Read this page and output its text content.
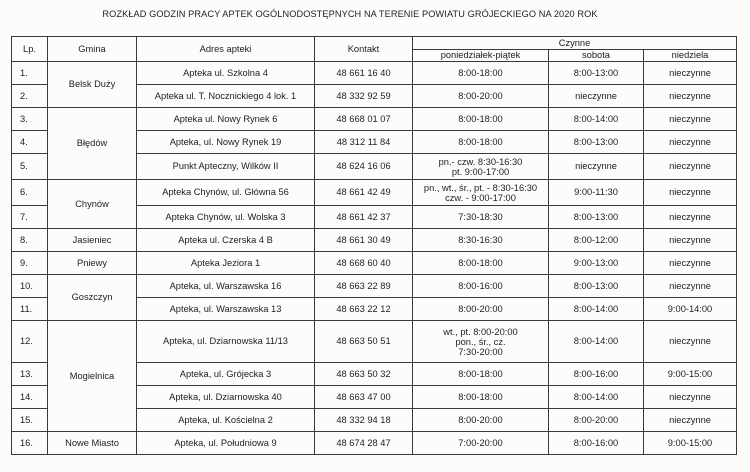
ROZKŁAD GODZIN PRACY APTEK OGÓLNODOSTĘPNYCH NA TERENIE POWIATU GRÓJECKIEGO NA 2020 ROK
Lp.	Gmina	Adres apteki	Kontakt	Czynne		
				poniedziałek-piątek	sobota	niedziela
1.	Belsk Duży	Apteka ul. Szkolna 4	48 661 16 40	8:00-18:00	8:00-13:00	nieczynne
2.		Apteka ul. T. Nocznickiego 4 lok. 1	48 332 92 59	8:00-20:00	nieczynne	nieczynne
3.	Błędów	Apteka ul. Nowy Rynek 6	48 668 01 07	8:00-18:00	8:00-14:00	nieczynne
4.		Apteka, ul. Nowy Rynek 19	48 312 11 84	8:00-18:00	8:00-13:00	nieczynne
5.		Punkt Apteczny, Wilków II	48 624 16 06	pn.- czw. 8:30-16:30
pt. 9:00-17:00	nieczynne	nieczynne
6.	Chynów	Apteka Chynów, ul. Główna 56	48 661 42 49	pn., wt., śr., pt. - 8:30-16:30
czw. - 9:00-17:00	9:00-11:30	nieczynne
7.		Apteka Chynów, ul. Wolska 3	48 661 42 37	7:30-18:30	8:00-13:00	nieczynne
8.	Jasieniec	Apteka ul. Czerska 4 B	48 661 30 49	8:30-16:30	8:00-12:00	nieczynne
9.	Pniewy	Apteka Jeziora 1	48 668 60 40	8:00-18:00	9:00-13:00	nieczynne
10.	Goszczyn	Apteka, ul. Warszawska 16	48 663 22 89	8:00-16:00	8:00-13:00	nieczynne
11.		Apteka, ul. Warszawska 13	48 663 22 12	8:00-20:00	8:00-14:00	9:00-14:00
12.	Mogielnica	Apteka, ul. Dziarnowska 11/13	48 663 50 51	wt., pt. 8:00-20:00
pon., śr., cz.
7:30-20:00	8:00-14:00	nieczynne
13.		Apteka, ul. Grójecka 3	48 663 50 32	8:00-18:00	8:00-16:00	9:00-15:00
14.		Apteka, ul. Dziarnowska 40	48 663 47 00	8:00-18:00	8:00-14:00	nieczynne
15.		Apteka, ul. Kościelna 2	48 332 94 18	8:00-20:00	8:00-20:00	nieczynne
16.	Nowe Miasto	Apteka, ul. Południowa 9	48 674 28 47	7:00-20:00	8:00-16:00	9:00-15:00
